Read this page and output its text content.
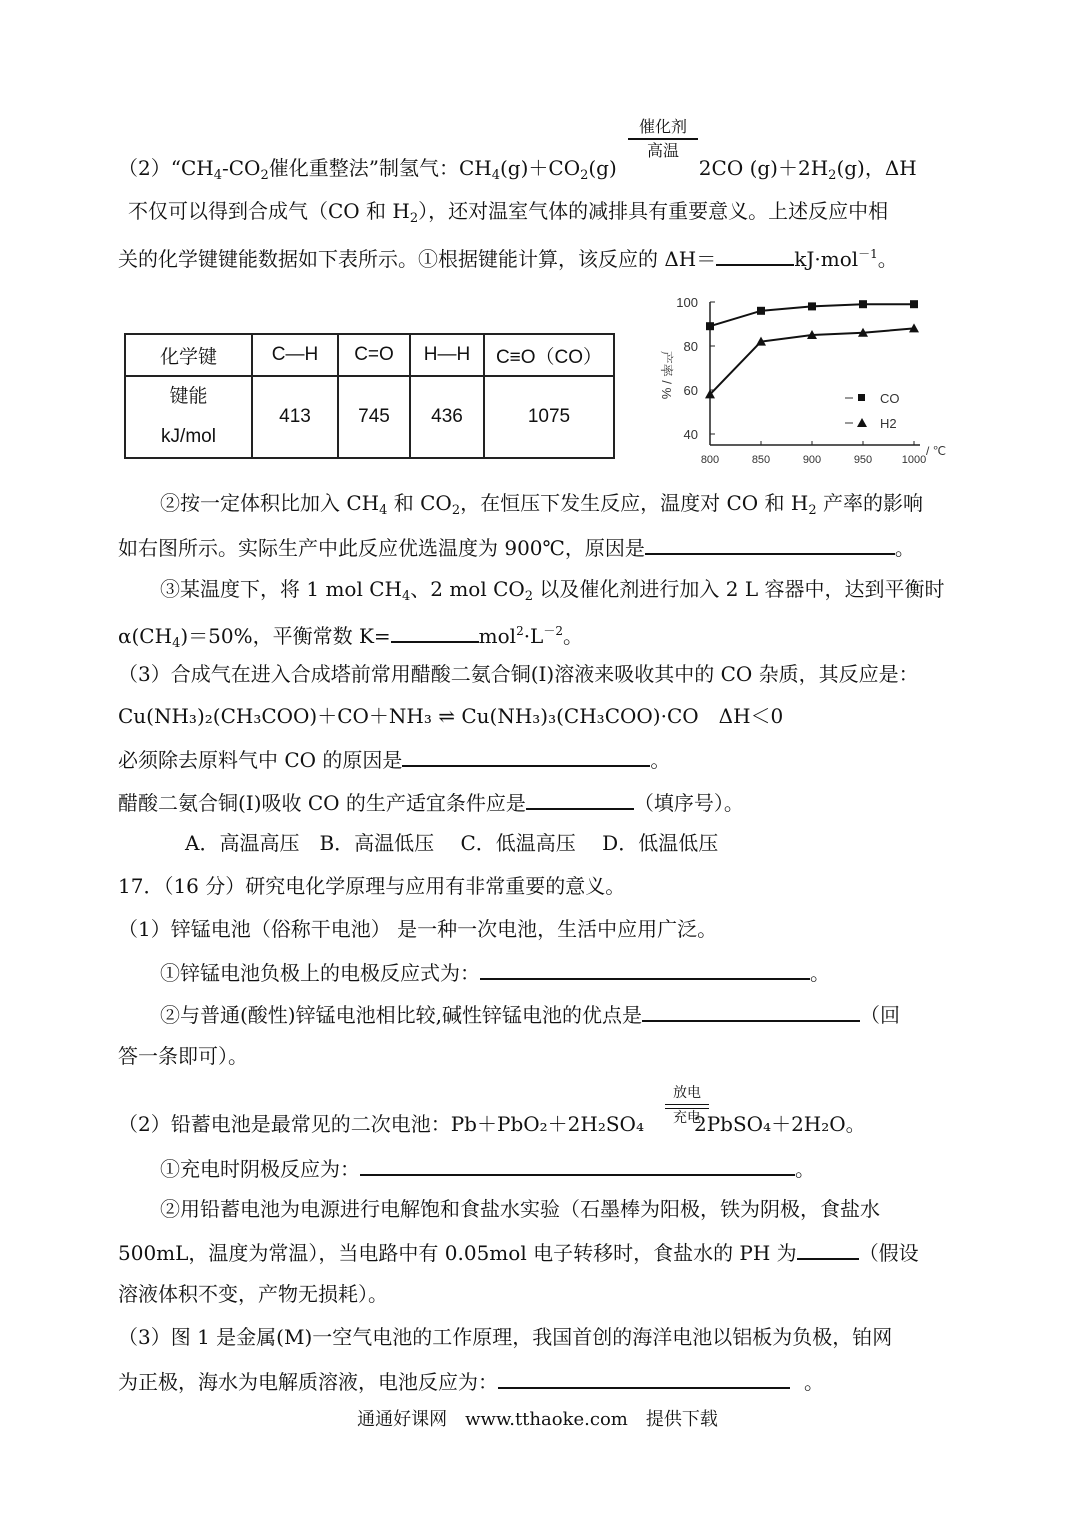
催化剂
高温
$(2)“CH_4-CO_2$催化重整法”制氢气：$CH_4(g)+CO_2(g)$	2CO $(g)+2H_2(g)$，ΔH
不仅可以得到合成气（CO 和 $H_2$），还对温室气体的减排具有重要意义。上述反应中相
关的化学键键能数据如下表所示。①根据键能计算，该反应的 ΔH＝	kJ·mol$^{-1}$。
化学键	C—H	C=O	H—H	C≡O（CO）

键能
kJ/mol	413	745	436	1075
40
60
80
100
800	850	900	950	1000
/ ℃
产率 / %	CO
H2
②按一定体积比加入 $CH_4$ 和 $CO_2$，在恒压下发生反应，温度对 CO 和 $H_2$ 产率的影响
如右图所示。实际生产中此反应优选温度为 900℃，原因是	。
③某温度下，将 1 mol $CH_4$、2 mol $CO_2$ 以及催化剂进行加入 2 L 容器中，达到平衡时
$\alpha(CH_4)=50\%$，平衡常数 K=	$mol^2\cdot L^{-2}$。
（3）合成气在进入合成塔前常用醋酸二氨合铜(I)溶液来吸收其中的 CO 杂质，其反应是：
Cu(NH₃)₂(CH₃COO)＋CO＋NH₃ ⇌ Cu(NH₃)₃(CH₃COO)·CO　ΔH＜0
必须除去原料气中 CO 的原因是	。
醋酸二氨合铜(I)吸收 CO 的生产适宜条件应是	（填序号）。
A．高温高压　B．高温低压　 C．低温高压　 D．低温低压
17．（16 分）研究电化学原理与应用有非常重要的意义。
（1）锌锰电池（俗称干电池） 是一种一次电池，生活中应用广泛。
①锌锰电池负极上的电极反应式为：	。
②与普通(酸性)锌锰电池相比较,碱性锌锰电池的优点是	（回
答一条即可）。
放电
充电
（2）铅蓄电池是最常见的二次电池：Pb＋PbO₂＋2H₂SO₄	2PbSO₄＋2H₂O。
①充电时阴极反应为：	。
②用铅蓄电池为电源进行电解饱和食盐水实验（石墨棒为阳极，铁为阴极，食盐水
500mL，温度为常温），当电路中有 0.05mol 电子转移时，食盐水的 PH 为	（假设
溶液体积不变，产物无损耗）。
（3）图 1 是金属(M)一空气电池的工作原理，我国首创的海洋电池以铝板为负极，铂网
为正极，海水为电解质溶液，电池反应为：	。
通通好课网　www.tthaoke.com　提供下载
